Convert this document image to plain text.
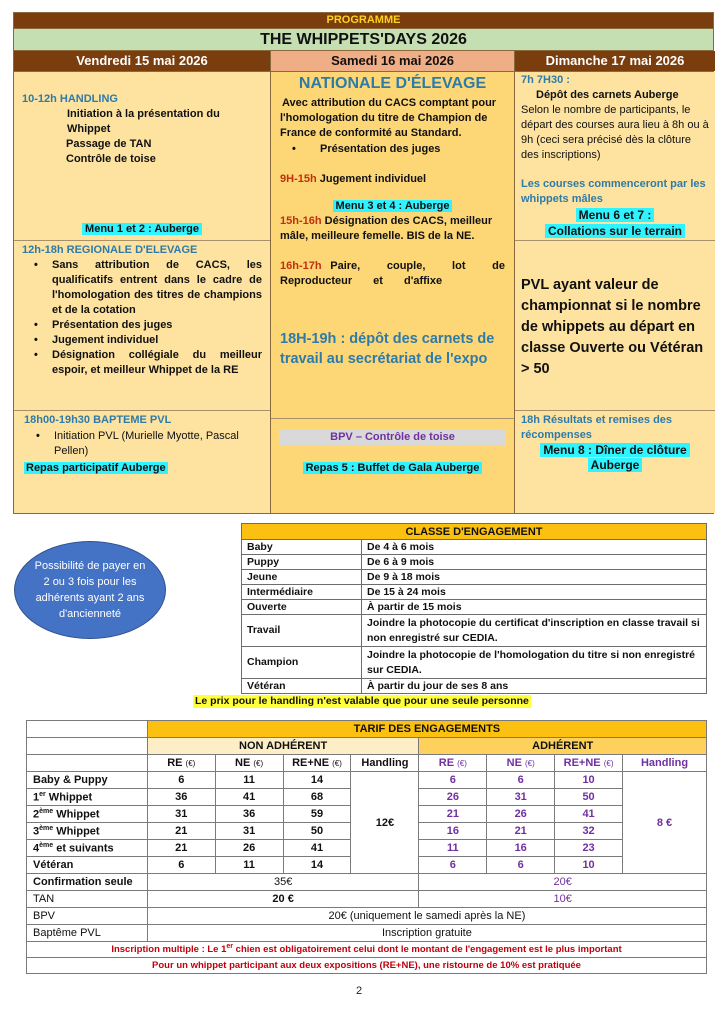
PROGRAMME
THE WHIPPETS'DAYS 2026
Vendredi 15 mai 2026	Samedi 16 mai 2026	Dimanche 17 mai 2026
10-12h HANDLING
Initiation à la présentation du
Whippet
Passage de TAN
Contrôle de toise
Menu 1 et 2 : Auberge
12h-18h REGIONALE D'ELEVAGE
• Sans attribution de CACS, les qualificatifs entrent dans le cadre de l'homologation des titres de champions et de la cotation
• Présentation des juges
• Jugement individuel
• Désignation collégiale du meilleur espoir, et meilleur Whippet de la RE
18h00-19h30 BAPTEME PVL
• Initiation PVL (Murielle Myotte, Pascal Pellen)
Repas participatif Auberge
NATIONALE D'ÉLEVAGE
Avec attribution du CACS comptant pour l'homologation du titre de Champion de France de conformité au Standard.
• Présentation des juges
9H-15h Jugement individuel
Menu 3 et 4 : Auberge
15h-16h Désignation des CACS, meilleur mâle, meilleure femelle. BIS de la NE.
16h-17h Paire, couple, lot de Reproducteur et d'affixe
18H-19h : dépôt des carnets de travail au secrétariat de l'expo
BPV – Contrôle de toise
Repas 5 : Buffet de Gala Auberge
7h 7H30 :
Dépôt des carnets Auberge
Selon le nombre de participants, le départ des courses aura lieu à 8h ou à 9h (ceci sera précisé dès la clôture des inscriptions)
Les courses commenceront par les whippets mâles
Menu 6 et 7 :
Collations sur le terrain
PVL ayant valeur de championnat si le nombre de whippets au départ en classe Ouverte ou Vétéran > 50
18h Résultats et remises des récompenses
Menu 8 : Dîner de clôture
Auberge
Possibilité de payer en 2 ou 3 fois pour les adhérents ayant 2 ans d'ancienneté
CLASSE D'ENGAGEMENT	
Baby	De 4 à 6 mois
Puppy	De 6 à 9 mois
Jeune	De 9 à 18 mois
Intermédiaire	De 15 à 24 mois
Ouverte	À partir de 15 mois
Travail	Joindre la photocopie du certificat d'inscription en classe travail si non enregistré sur CEDIA.
Champion	Joindre la photocopie de l'homologation du titre si non enregistré sur CEDIA.
Vétéran	À partir du jour de ses 8 ans
Le prix pour le handling n'est valable que pour une seule personne
	TARIF DES ENGAGEMENTS							
	NON ADHÉRENT				ADHÉRENT			
	RE (€)	NE (€)	RE+NE (€)	Handling	RE (€)	NE (€)	RE+NE (€)	Handling
Baby & Puppy	6	11	14	12€	6	6	10	8 €
1er Whippet	36	41	68		26	31	50	
2ème Whippet	31	36	59		21	26	41	
3ème Whippet	21	31	50		16	21	32	
4ème et suivants	21	26	41		11	16	23	
Vétéran	6	11	14		6	6	10	
Confirmation seule	35€				20€			
TAN	20 €				10€			
BPV	20€ (uniquement le samedi après la NE)							
Baptême PVL	Inscription gratuite							
Inscription multiple : Le 1er chien est obligatoirement celui dont le montant de l'engagement est le plus important								
Pour un whippet participant aux deux expositions (RE+NE), une ristourne de 10% est pratiquée								
2
